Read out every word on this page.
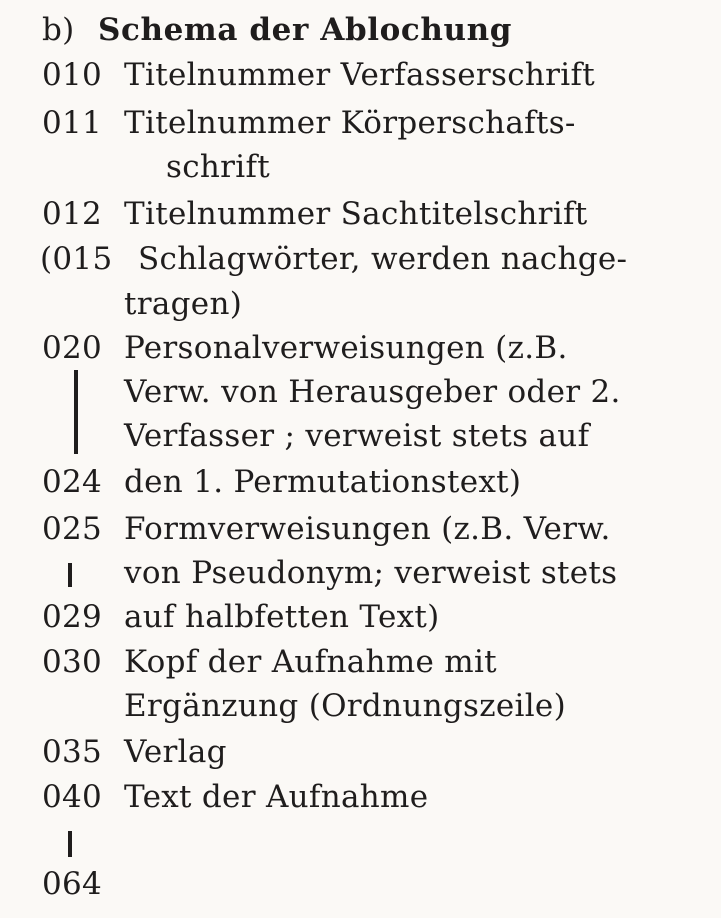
b) Schema der Ablochung
010 Titelnummer Verfasserschrift
011 Titelnummer Körperschafts-
schrift
012 Titelnummer Sachtitelschrift
(015 Schlagwörter, werden nachge-
tragen)
020 Personalverweisungen (z.B.
Verw. von Herausgeber oder 2.
Verfasser ; verweist stets auf
024 den 1. Permutationstext)
025 Formverweisungen (z.B. Verw.
von Pseudonym; verweist stets
029 auf halbfetten Text)
030 Kopf der Aufnahme mit
Ergänzung (Ordnungszeile)
035 Verlag
040 Text der Aufnahme
064
